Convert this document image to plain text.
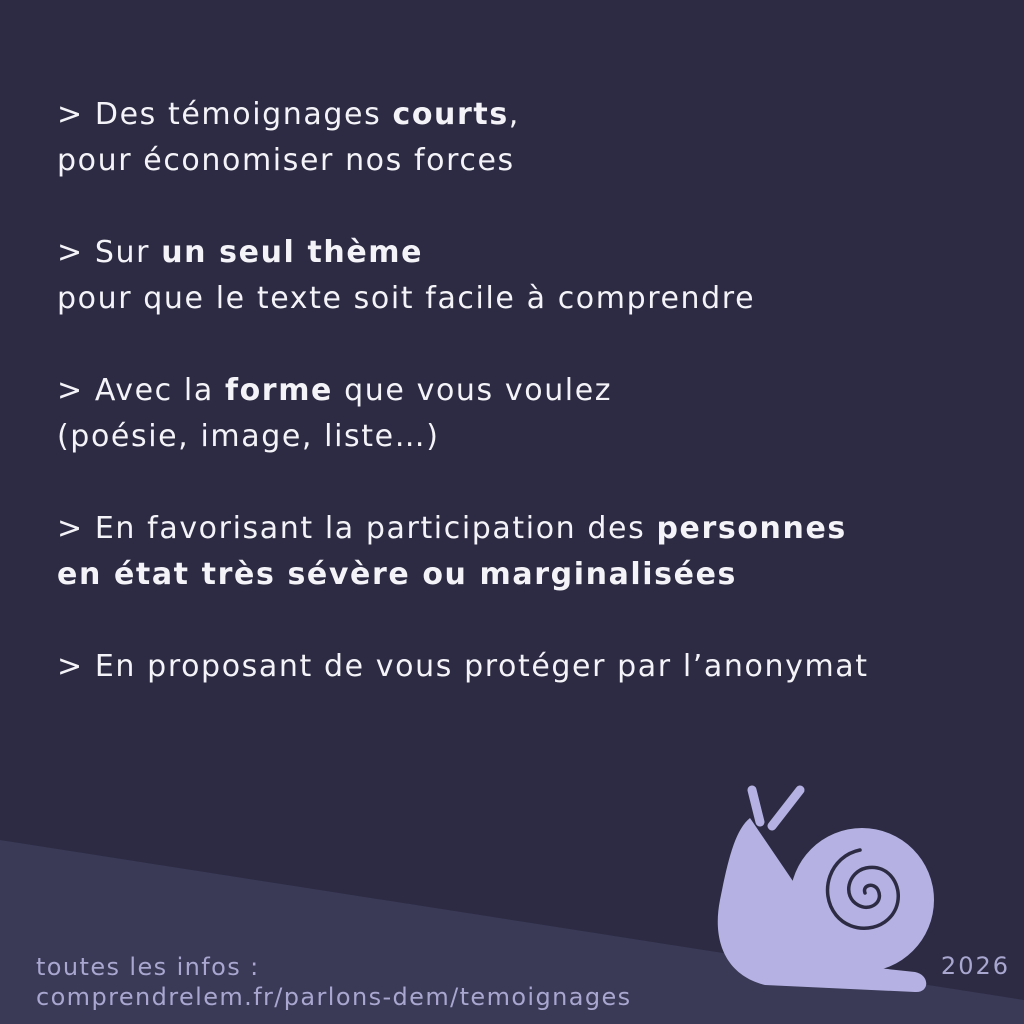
> Des témoignages courts,
pour économiser nos forces
> Sur un seul thème
pour que le texte soit facile à comprendre
> Avec la forme que vous voulez
(poésie, image, liste…)
> En favorisant la participation des personnes
en état très sévère ou marginalisées
> En proposant de vous protéger par l’anonymat
toutes les infos :
comprendrelem.fr/parlons-dem/temoignages
2026
